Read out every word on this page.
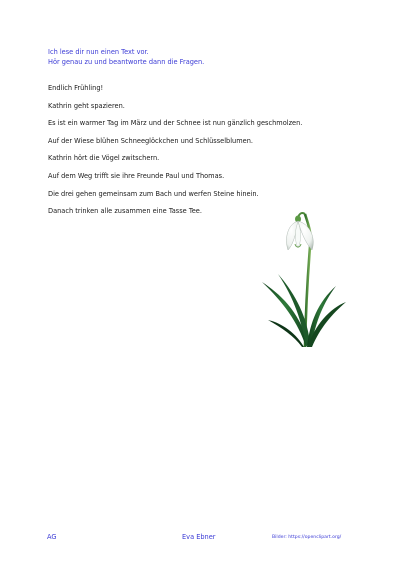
Ich lese dir nun einen Text vor.
Hör genau zu und beantworte dann die Fragen.
Endlich Frühling!
Kathrin geht spazieren.
Es ist ein warmer Tag im März und der Schnee ist nun gänzlich geschmolzen.
Auf der Wiese blühen Schneeglöckchen und Schlüsselblumen.
Kathrin hört die Vögel zwitschern.
Auf dem Weg trifft sie ihre Freunde Paul und Thomas.
Die drei gehen gemeinsam zum Bach und werfen Steine hinein.
Danach trinken alle zusammen eine Tasse Tee.
AG	Eva Ebner	Bilder: https://openclipart.org/
